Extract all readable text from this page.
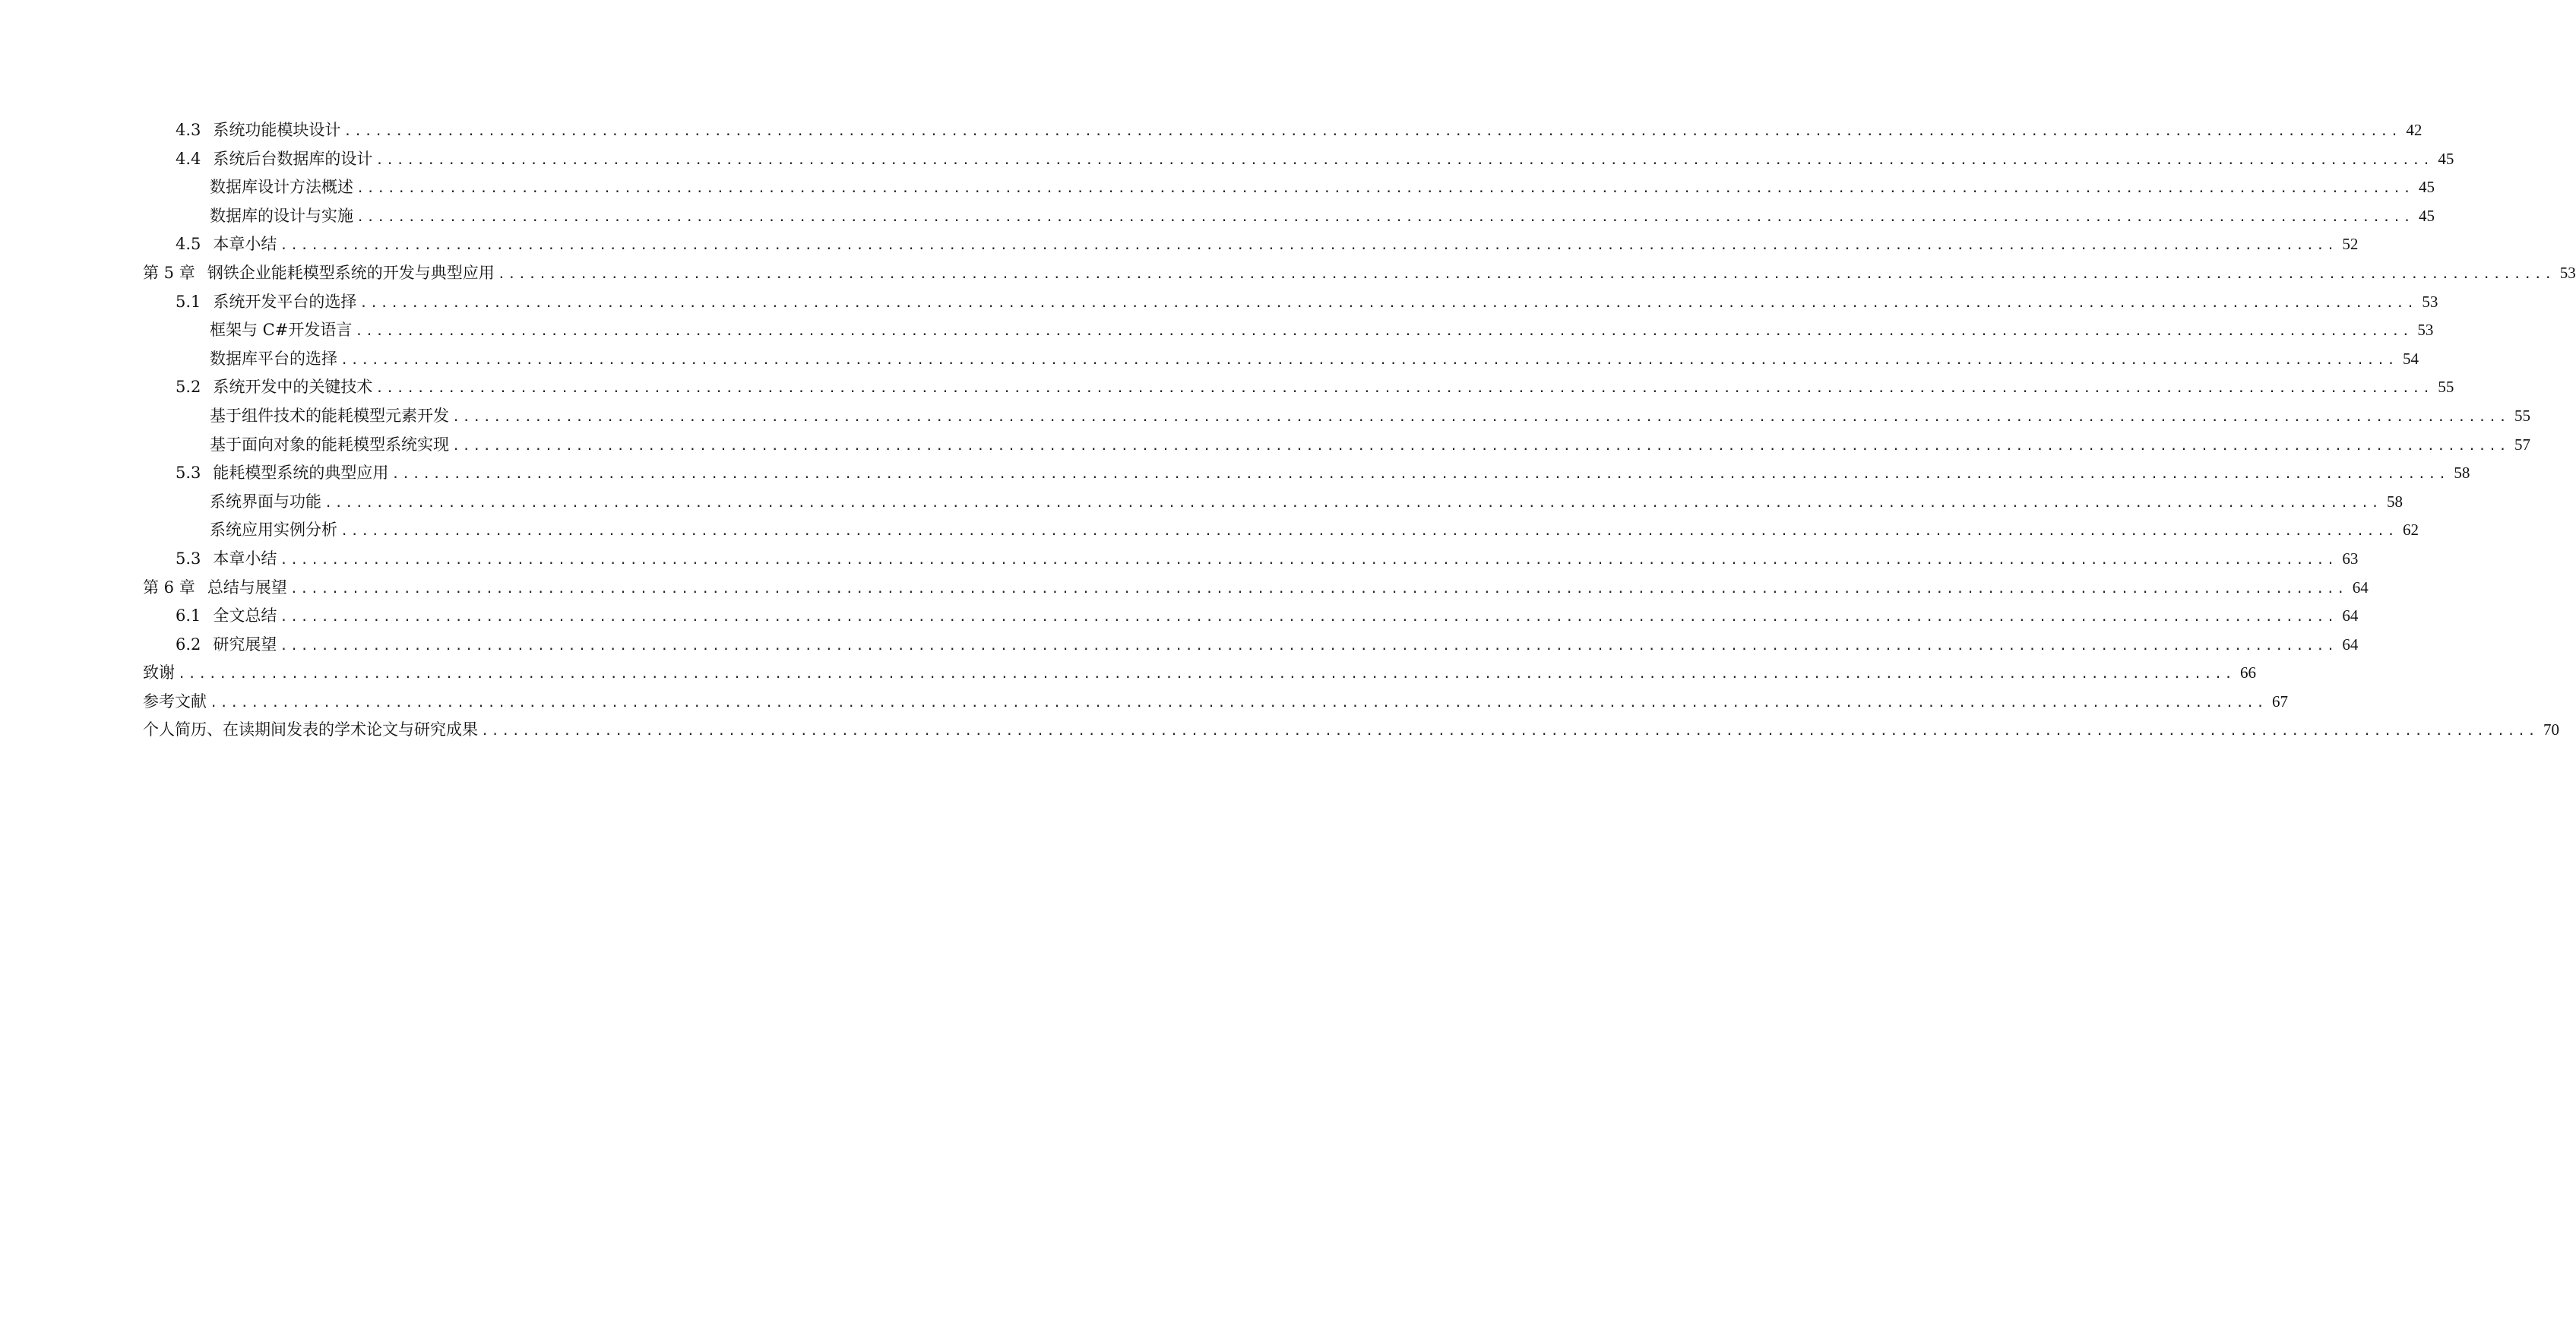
4.3 系统功能模块设计 ........................................................................................................................................................................................................ 42
4.4 系统后台数据库的设计 ........................................................................................................................................................................................................ 45
数据库设计方法概述 ........................................................................................................................................................................................................ 45
数据库的设计与实施 ........................................................................................................................................................................................................ 45
4.5 本章小结 ........................................................................................................................................................................................................ 52
第 5 章 钢铁企业能耗模型系统的开发与典型应用 ........................................................................................................................................................................................................ 53
5.1 系统开发平台的选择 ........................................................................................................................................................................................................ 53
框架与 C#开发语言 ........................................................................................................................................................................................................ 53
数据库平台的选择 ........................................................................................................................................................................................................ 54
5.2 系统开发中的关键技术 ........................................................................................................................................................................................................ 55
基于组件技术的能耗模型元素开发 ........................................................................................................................................................................................................ 55
基于面向对象的能耗模型系统实现 ........................................................................................................................................................................................................ 57
5.3 能耗模型系统的典型应用 ........................................................................................................................................................................................................ 58
系统界面与功能 ........................................................................................................................................................................................................ 58
系统应用实例分析 ........................................................................................................................................................................................................ 62
5.3 本章小结 ........................................................................................................................................................................................................ 63
第 6 章 总结与展望 ........................................................................................................................................................................................................ 64
6.1 全文总结 ........................................................................................................................................................................................................ 64
6.2 研究展望 ........................................................................................................................................................................................................ 64
致谢 ........................................................................................................................................................................................................ 66
参考文献 ........................................................................................................................................................................................................ 67
个人简历、在读期间发表的学术论文与研究成果 ........................................................................................................................................................................................................ 70
